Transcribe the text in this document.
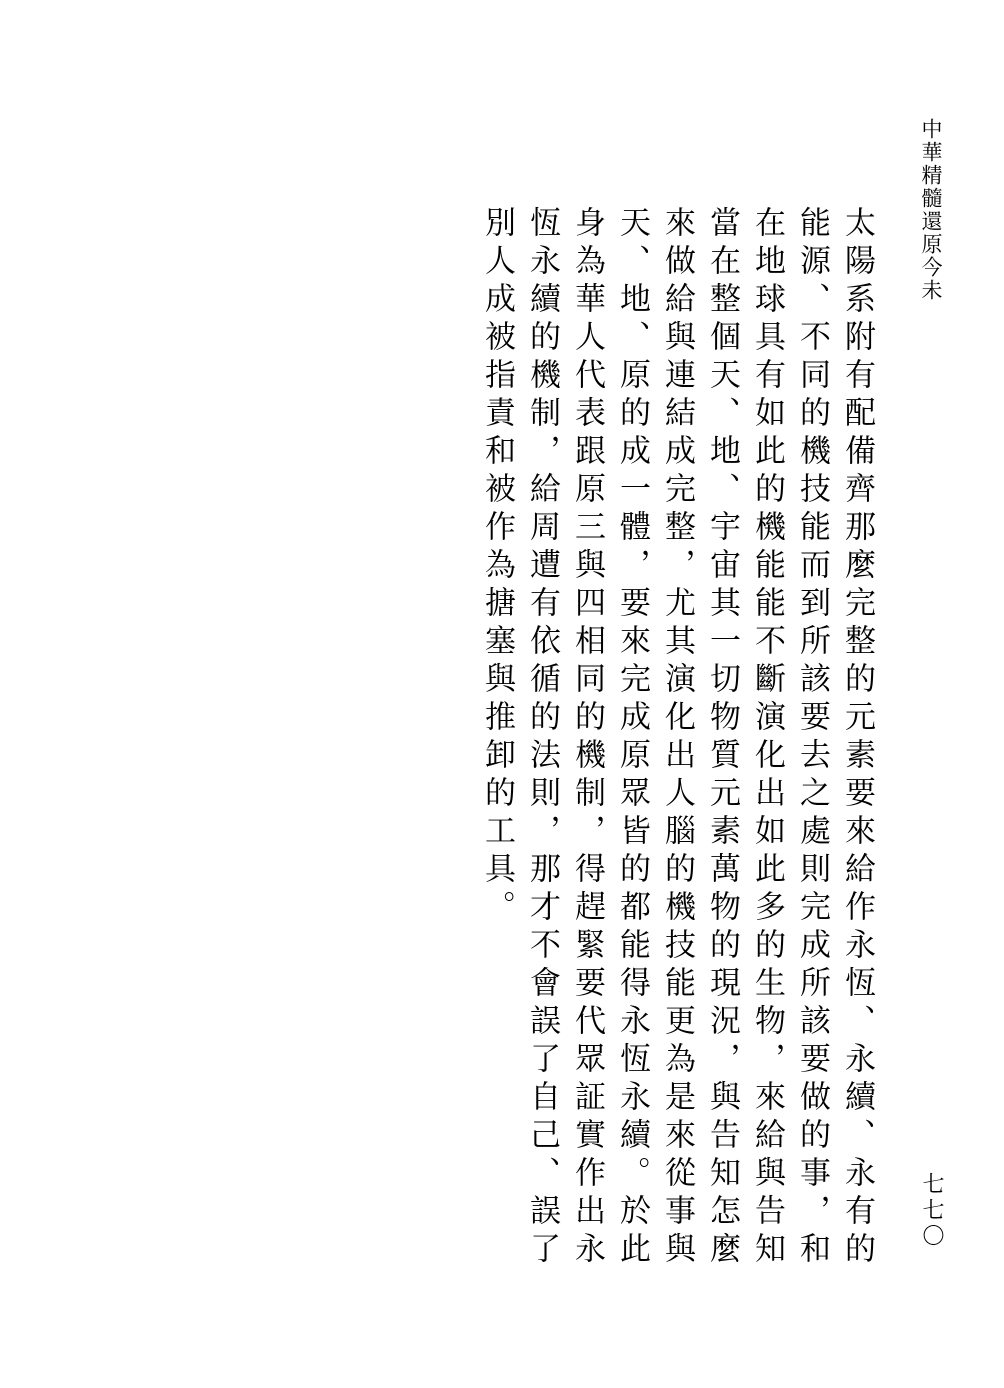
中華精髓還原今未

太陽系附有配備齊那麼完整的元素要來給作永恆、永續、永有的能源、不同的機技能而到所該要去之處則完成所該要做的事，和在地球具有如此的機能能不斷演化出如此多的生物，來給與告知當在整個天、地、宇宙其一切物質元素萬物的現況，與告知怎麼來做給與連結成完整，尤其演化出人腦的機技能更為是來從事與天、地、原的成一體，要來完成原眾皆的都能得永恆永續。於此身為華人代表跟原三與四相同的機制，得趕緊要代眾証實作出永恆永續的機制，給周遭有依循的法則，那才不會誤了自己、誤了別人成被指責和被作為搪塞與推卸的工具。

七七〇
